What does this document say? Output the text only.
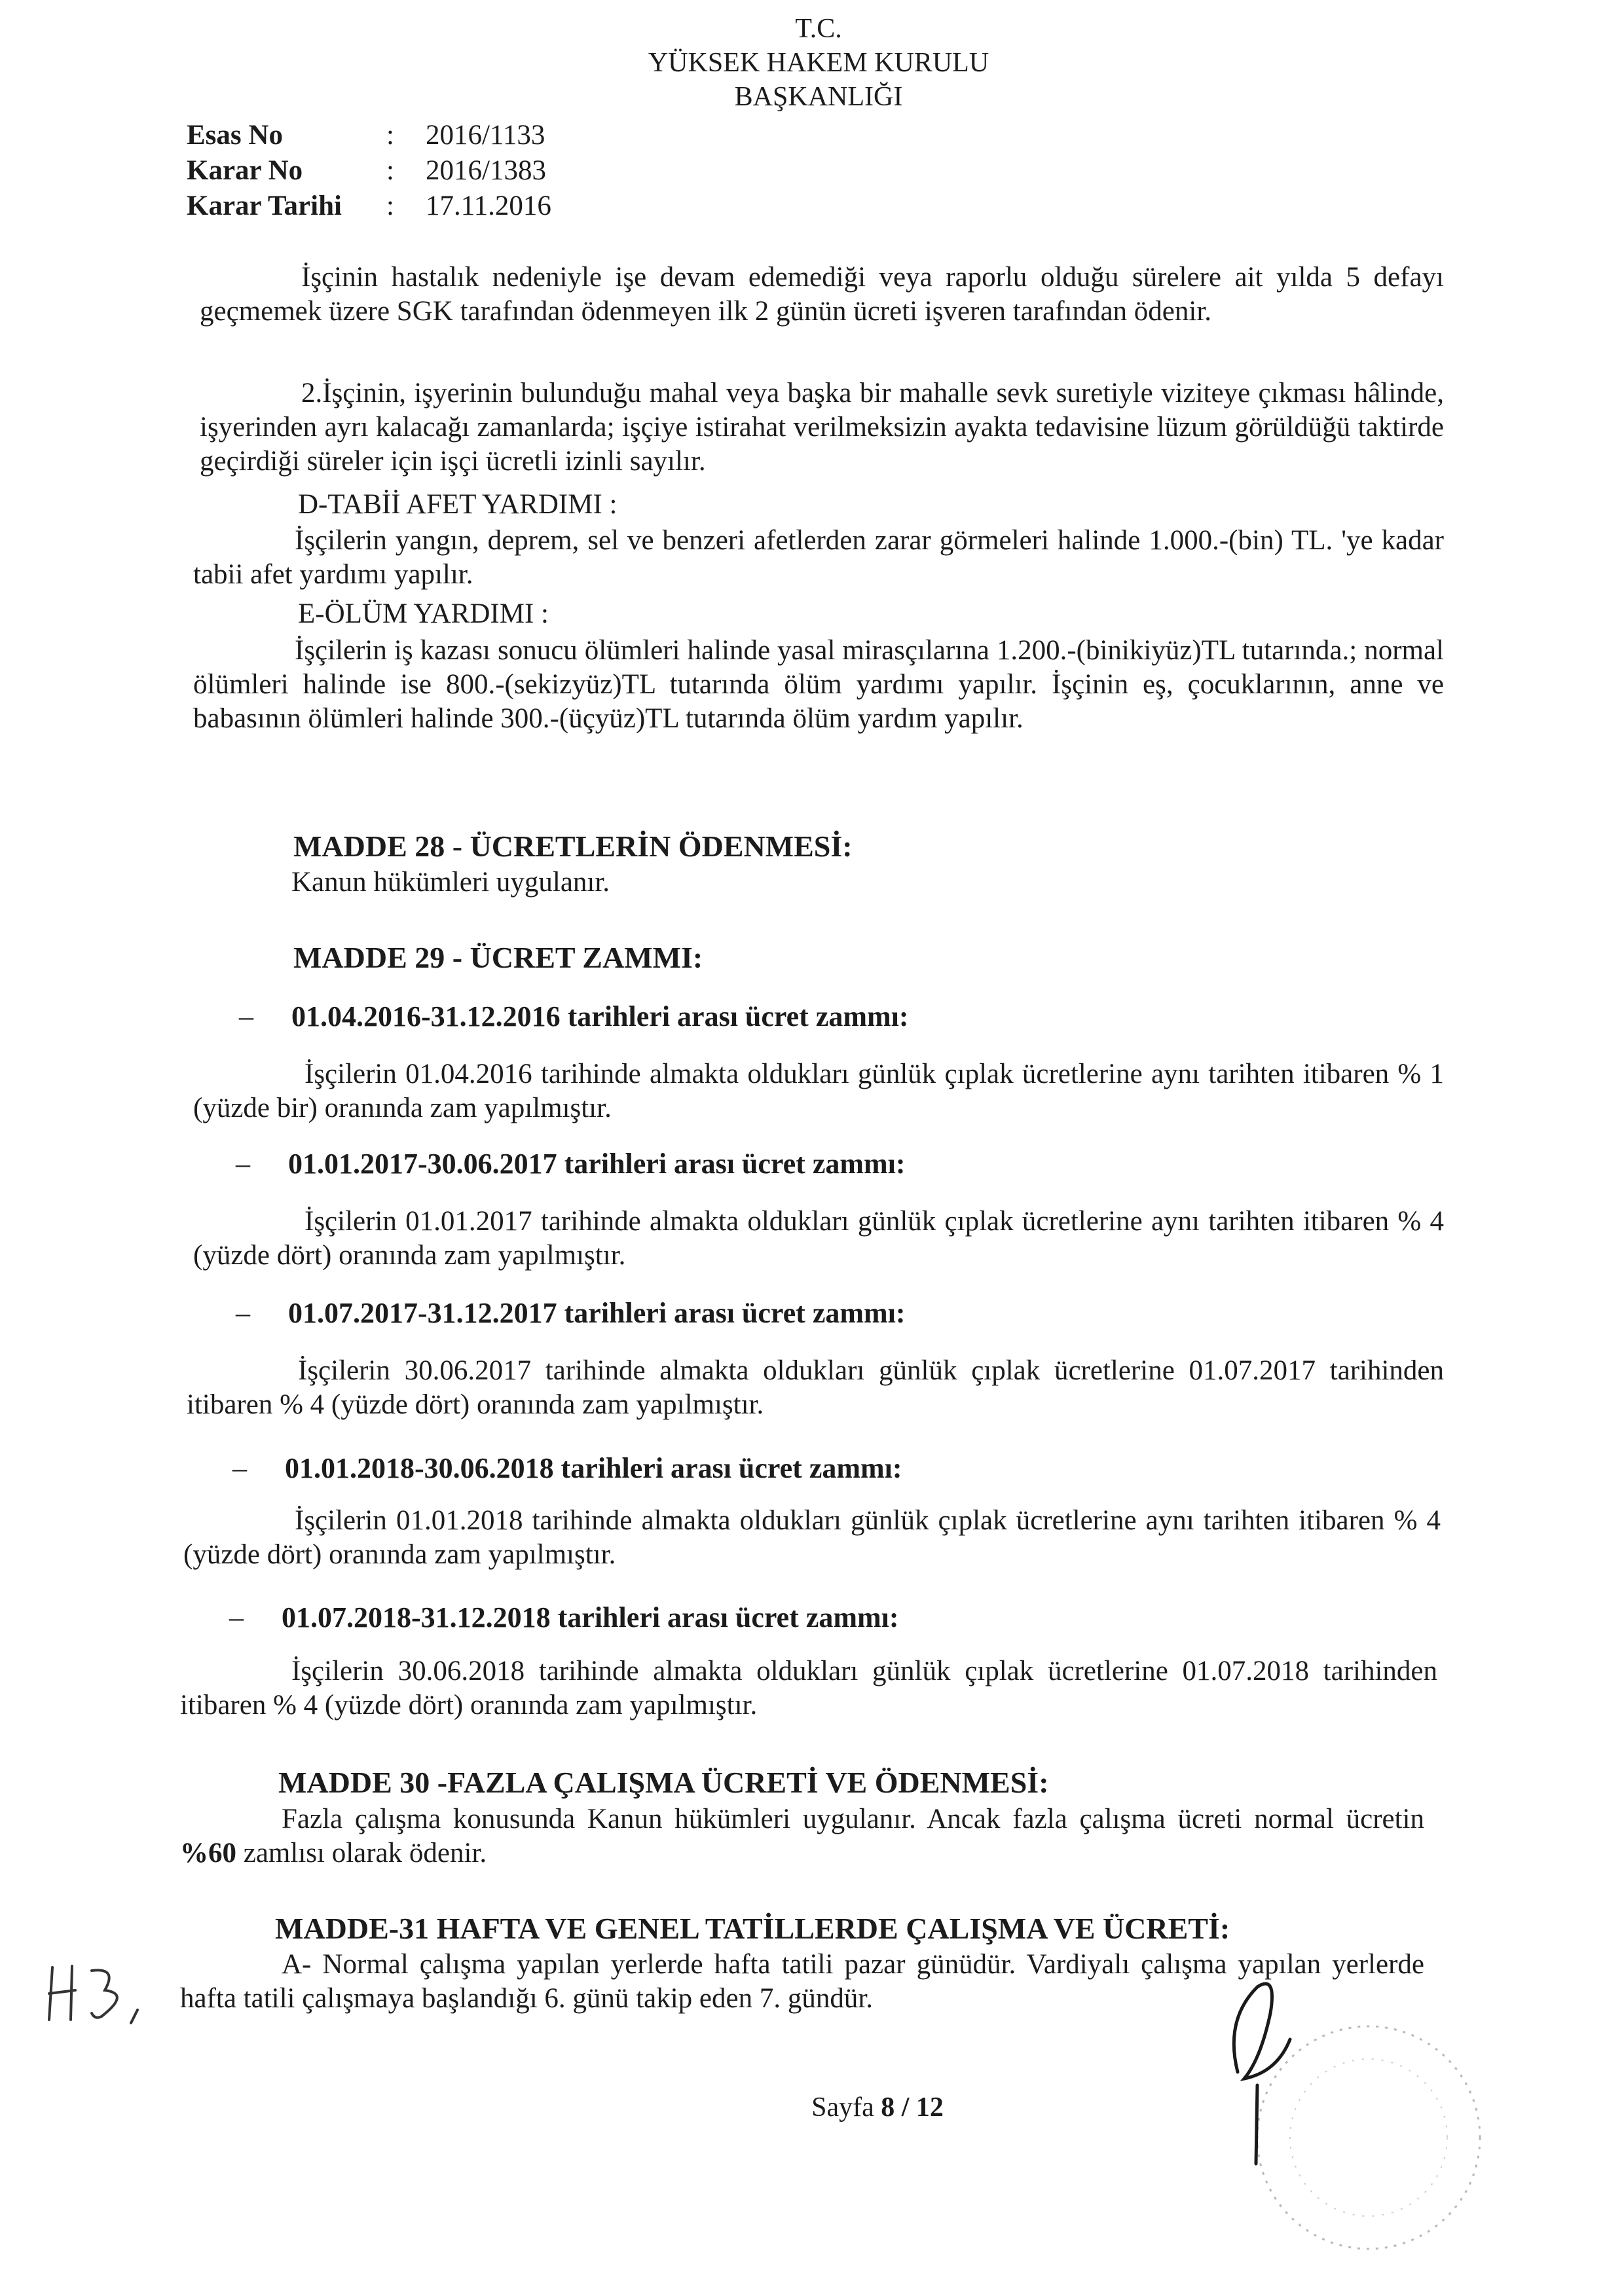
T.C.
YÜKSEK HAKEM KURULU
BAŞKANLIĞI
Esas No	: 2016/1133
Karar No	: 2016/1383
Karar Tarihi : 17.11.2016
İşçinin hastalık nedeniyle işe devam edemediği veya raporlu olduğu sürelere ait yılda 5 defayı geçmemek üzere SGK tarafından ödenmeyen ilk 2 günün ücreti işveren tarafından ödenir.
2.İşçinin, işyerinin bulunduğu mahal veya başka bir mahalle sevk suretiyle viziteye çıkması hâlinde, işyerinden ayrı kalacağı zamanlarda; işçiye istirahat verilmeksizin ayakta tedavisine lüzum görüldüğü taktirde geçirdiği süreler için işçi ücretli izinli sayılır.
D-TABİİ AFET YARDIMI :
İşçilerin yangın, deprem, sel ve benzeri afetlerden zarar görmeleri halinde 1.000.-(bin) TL. 'ye kadar tabii afet yardımı yapılır.
E-ÖLÜM YARDIMI :
İşçilerin iş kazası sonucu ölümleri halinde yasal mirasçılarına 1.200.-(binikiyüz)TL tutarında.; normal ölümleri halinde ise 800.-(sekizyüz)TL tutarında ölüm yardımı yapılır. İşçinin eş, çocuklarının, anne ve babasının ölümleri halinde 300.-(üçyüz)TL tutarında ölüm yardım yapılır.
MADDE 28 - ÜCRETLERİN ÖDENMESİ:
Kanun hükümleri uygulanır.
MADDE 29 - ÜCRET ZAMMI:
– 01.04.2016-31.12.2016 tarihleri arası ücret zammı:
İşçilerin 01.04.2016 tarihinde almakta oldukları günlük çıplak ücretlerine aynı tarihten itibaren % 1 (yüzde bir) oranında zam yapılmıştır.
– 01.01.2017-30.06.2017 tarihleri arası ücret zammı:
İşçilerin 01.01.2017 tarihinde almakta oldukları günlük çıplak ücretlerine aynı tarihten itibaren % 4 (yüzde dört) oranında zam yapılmıştır.
– 01.07.2017-31.12.2017 tarihleri arası ücret zammı:
İşçilerin 30.06.2017 tarihinde almakta oldukları günlük çıplak ücretlerine 01.07.2017 tarihinden itibaren % 4 (yüzde dört) oranında zam yapılmıştır.
– 01.01.2018-30.06.2018 tarihleri arası ücret zammı:
İşçilerin 01.01.2018 tarihinde almakta oldukları günlük çıplak ücretlerine aynı tarihten itibaren % 4 (yüzde dört) oranında zam yapılmıştır.
– 01.07.2018-31.12.2018 tarihleri arası ücret zammı:
İşçilerin 30.06.2018 tarihinde almakta oldukları günlük çıplak ücretlerine 01.07.2018 tarihinden itibaren % 4 (yüzde dört) oranında zam yapılmıştır.
MADDE 30 -FAZLA ÇALIŞMA ÜCRETİ VE ÖDENMESİ:
Fazla çalışma konusunda Kanun hükümleri uygulanır. Ancak fazla çalışma ücreti normal ücretin %60 zamlısı olarak ödenir.
MADDE-31 HAFTA VE GENEL TATİLLERDE ÇALIŞMA VE ÜCRETİ:
A- Normal çalışma yapılan yerlerde hafta tatili pazar günüdür. Vardiyalı çalışma yapılan yerlerde hafta tatili çalışmaya başlandığı 6. günü takip eden 7. gündür.
Sayfa 8 / 12
